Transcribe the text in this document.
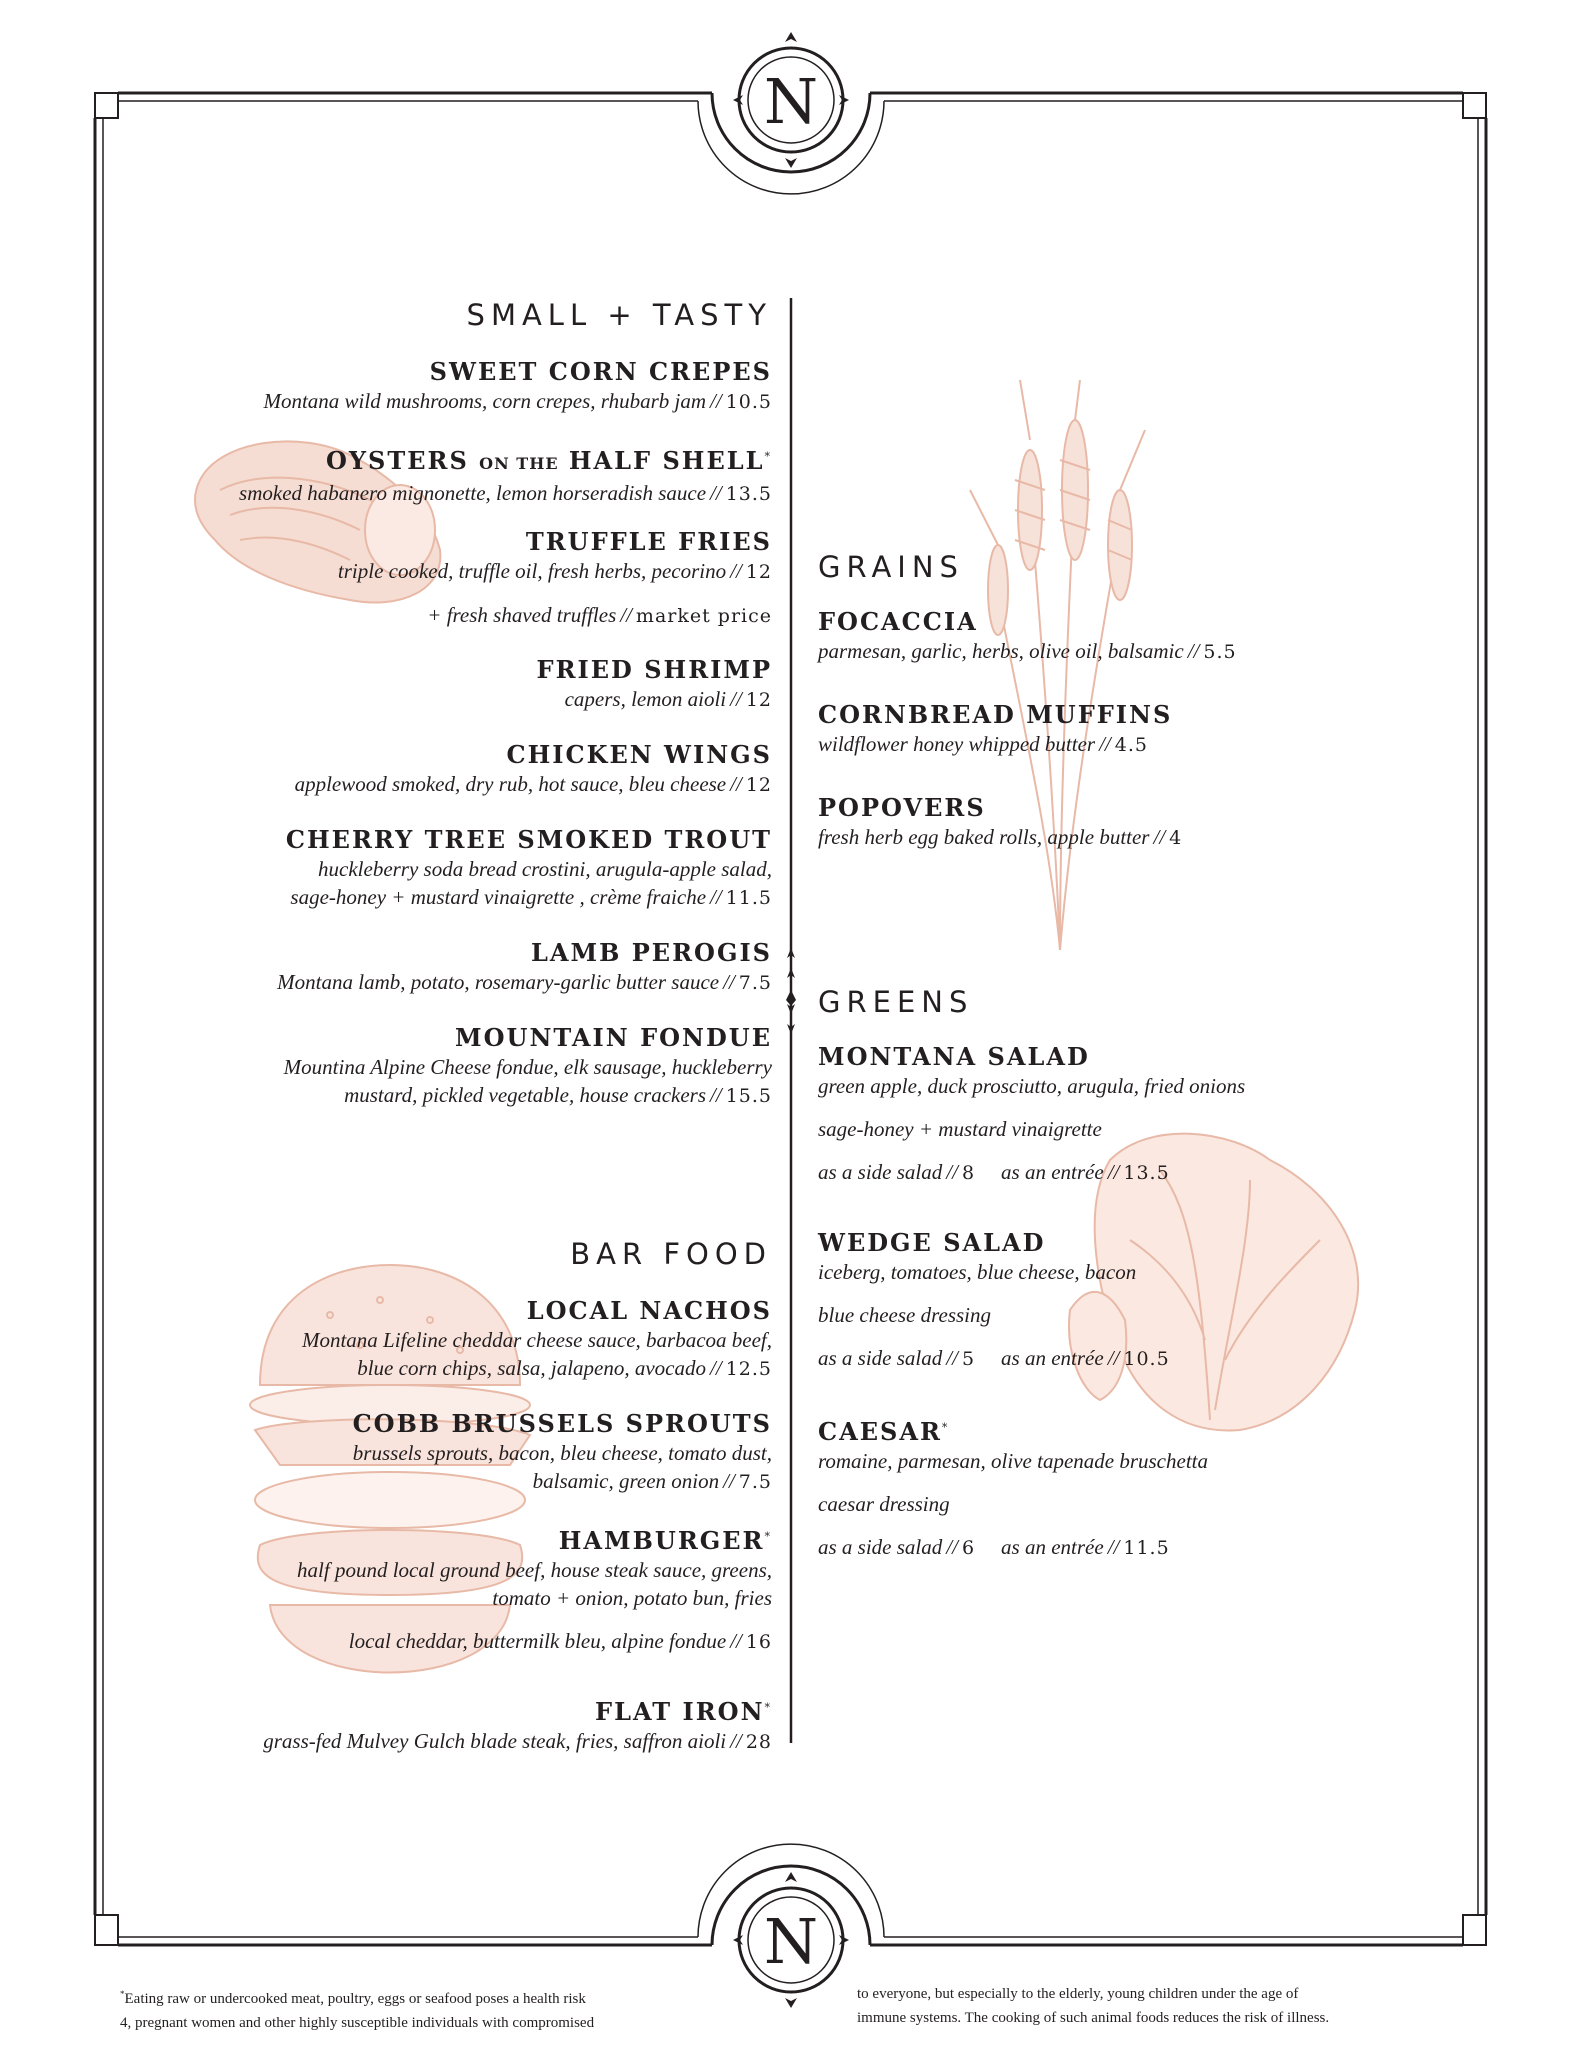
N
N
SMALL + TASTY
SWEET CORN CREPES
Montana wild mushrooms, corn crepes, rhubarb jam // 10.5
OYSTERS ON THE HALF SHELL*
smoked habanero mignonette, lemon horseradish sauce // 13.5
TRUFFLE FRIES
triple cooked, truffle oil, fresh herbs, pecorino // 12
+ fresh shaved truffles // market price
FRIED SHRIMP
capers, lemon aioli // 12
CHICKEN WINGS
applewood smoked, dry rub, hot sauce, bleu cheese // 12
CHERRY TREE SMOKED TROUT
huckleberry soda bread crostini, arugula-apple salad,
sage-honey + mustard vinaigrette , crème fraiche // 11.5
LAMB PEROGIS
Montana lamb, potato, rosemary-garlic butter sauce // 7.5
MOUNTAIN FONDUE
Mountina Alpine Cheese fondue, elk sausage, huckleberry
mustard, pickled vegetable, house crackers // 15.5
BAR FOOD
LOCAL NACHOS
Montana Lifeline cheddar cheese sauce, barbacoa beef,
blue corn chips, salsa, jalapeno, avocado // 12.5
COBB BRUSSELS SPROUTS
brussels sprouts, bacon, bleu cheese, tomato dust,
balsamic, green onion // 7.5
HAMBURGER*
half pound local ground beef, house steak sauce, greens,
tomato + onion, potato bun, fries
local cheddar, buttermilk bleu, alpine fondue // 16
FLAT IRON*
grass-fed Mulvey Gulch blade steak, fries, saffron aioli // 28
GRAINS
FOCACCIA
parmesan, garlic, herbs, olive oil, balsamic // 5.5
CORNBREAD MUFFINS
wildflower honey whipped butter // 4.5
POPOVERS
fresh herb egg baked rolls, apple butter // 4
GREENS
MONTANA SALAD
green apple, duck prosciutto, arugula, fried onions
sage-honey + mustard vinaigrette
as a side salad // 8 as an entrée // 13.5
WEDGE SALAD
iceberg, tomatoes, blue cheese, bacon
blue cheese dressing
as a side salad // 5 as an entrée // 10.5
CAESAR*
romaine, parmesan, olive tapenade bruschetta
caesar dressing
as a side salad // 6 as an entrée // 11.5
*Eating raw or undercooked meat, poultry, eggs or seafood poses a health risk
4, pregnant women and other highly susceptible individuals with compromised
to everyone, but especially to the elderly, young children under the age of
immune systems. The cooking of such animal foods reduces the risk of illness.
